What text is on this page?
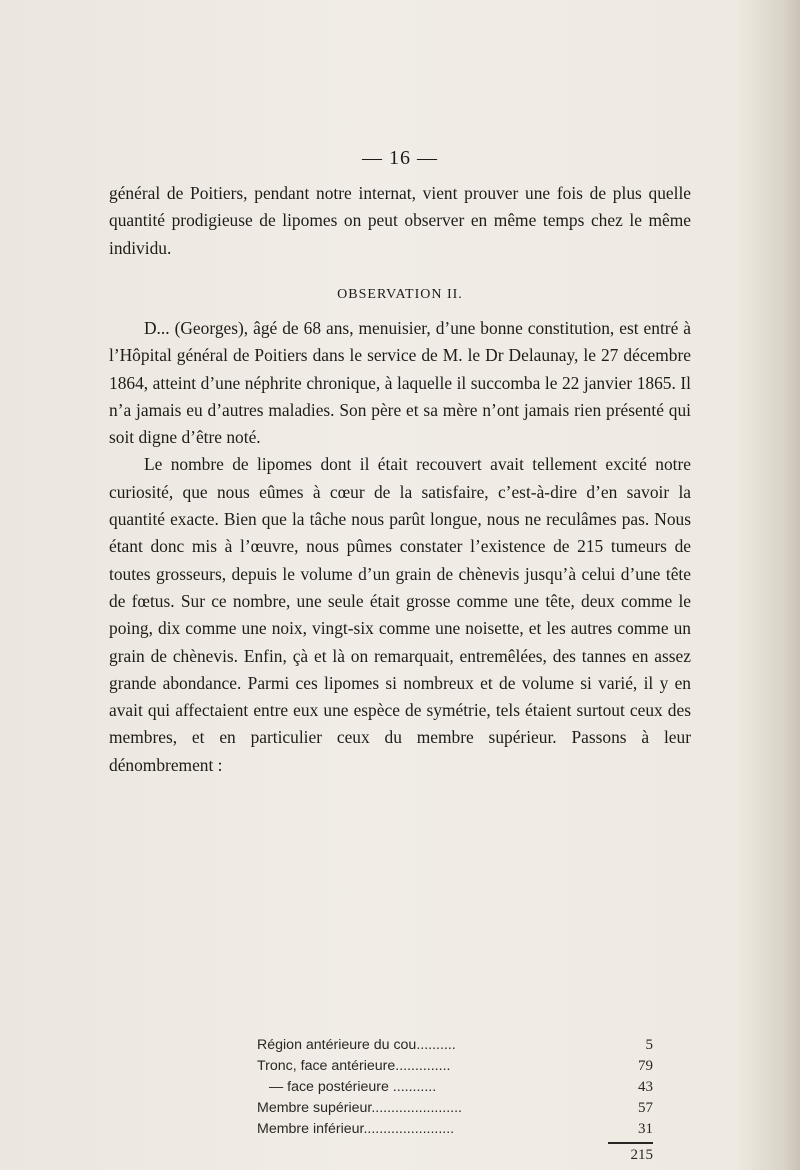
— 16 —

général de Poitiers, pendant notre internat, vient prouver une fois de plus quelle quantité prodigieuse de lipomes on peut observer en même temps chez le même individu.

OBSERVATION II.

D... (Georges), âgé de 68 ans, menuisier, d’une bonne constitution, est entré à l’Hôpital général de Poitiers dans le service de M. le Dr Delaunay, le 27 décembre 1864, atteint d’une néphrite chronique, à laquelle il succomba le 22 janvier 1865. Il n’a jamais eu d’autres maladies. Son père et sa mère n’ont jamais rien présenté qui soit digne d’être noté.

Le nombre de lipomes dont il était recouvert avait tellement excité notre curiosité, que nous eûmes à cœur de la satisfaire, c’est-à-dire d’en savoir la quantité exacte. Bien que la tâche nous parût longue, nous ne reculâmes pas. Nous étant donc mis à l’œuvre, nous pûmes constater l’existence de 215 tumeurs de toutes grosseurs, depuis le volume d’un grain de chènevis jusqu’à celui d’une tête de fœtus. Sur ce nombre, une seule était grosse comme une tête, deux comme le poing, dix comme une noix, vingt-six comme une noisette, et les autres comme un grain de chènevis. Enfin, çà et là on remarquait, entremêlées, des tannes en assez grande abondance. Parmi ces lipomes si nombreux et de volume si varié, il y en avait qui affectaient entre eux une espèce de symétrie, tels étaient surtout ceux des membres, et en particulier ceux du membre supérieur. Passons à leur dénombrement :

Région antérieure du cou..........	5
Tronc, face antérieure..............	79
— face postérieure ...........	43
Membre supérieur.......................	57
Membre inférieur.......................	31
215
